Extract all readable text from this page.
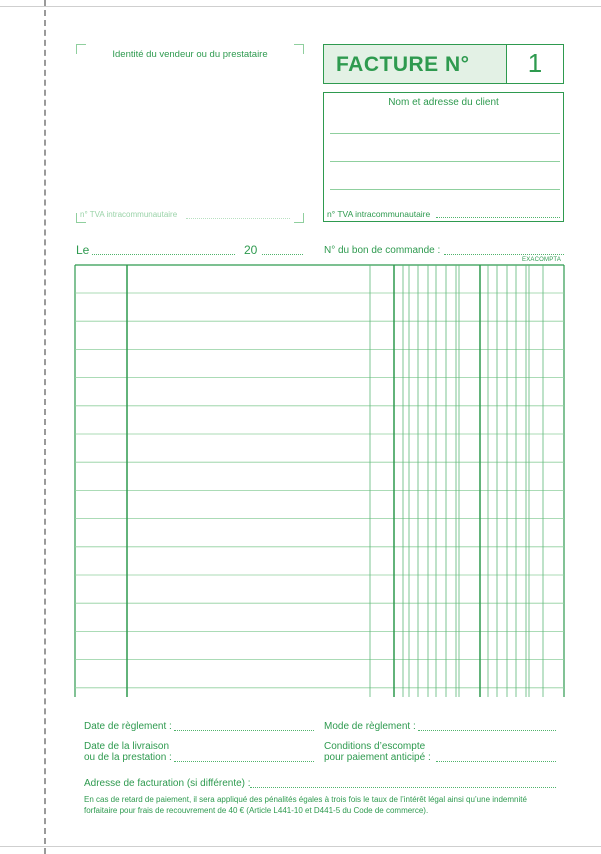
Identité du vendeur ou du prestataire
n° TVA intracommunautaire
FACTURE N°	1
Nom et adresse du client
n° TVA intracommunautaire
Le	20	N° du bon de commande :
EXACOMPTA
Date de règlement :	Mode de règlement :
Date de la livraison
ou de la prestation :
Conditions d’escompte
pour paiement anticipé :
Adresse de facturation (si différente) :
En cas de retard de paiement, il sera appliqué des pénalités égales à trois fois le taux de l’intérêt légal ainsi qu’une indemnité
forfaitaire pour frais de recouvrement de 40 € (Article L441-10 et D441-5 du Code de commerce).
